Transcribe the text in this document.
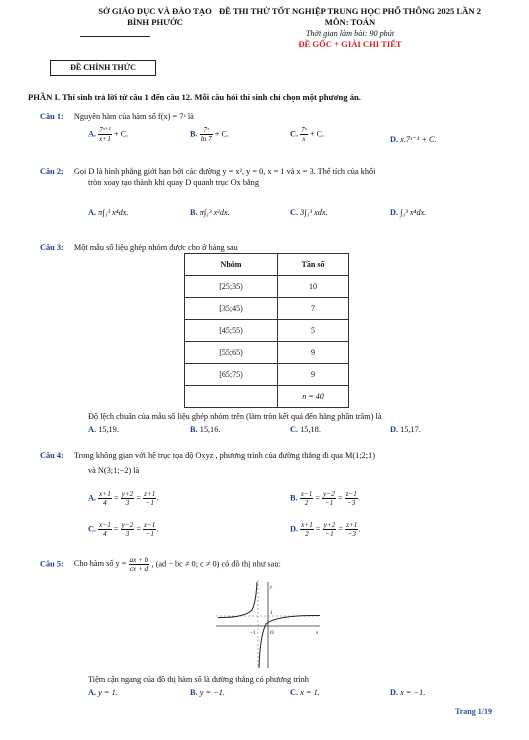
SỞ GIÁO DỤC VÀ ĐÀO TẠO
BÌNH PHƯỚC
ĐỀ THI THỬ TỐT NGHIỆP TRUNG HỌC PHỔ THÔNG 2025 LẦN 2
MÔN: TOÁN
Thời gian làm bài: 90 phút
ĐỀ GỐC + GIẢI CHI TIẾT
ĐỀ CHÍNH THỨC
PHẦN I. Thí sinh trả lời từ câu 1 đến câu 12. Mỗi câu hỏi thí sinh chỉ chọn một phương án.
Câu 1: Nguyên hàm của hàm số f(x) = 7ˣ là
A. $\frac{\text{7ˣ⁺¹}}{x+1} + C$.	B. $\frac{\text{7ˣ}}{\ln 7} + C$.	C. $\frac{\text{7ˣ}}{x} + C$.
D. x.7ˣ⁻¹ + C.
Câu 2: Gọi D là hình phẳng giới hạn bởi các đường y = x², y = 0, x = 1 và x = 3. Thể tích của khối
tròn xoay tạo thành khi quay D quanh trục Ox bằng
A. π∫₁³ x⁴dx.	B. π∫₁³ x²dx.	C. 3∫₁³ xdx.	D. ∫₁³ x⁴dx.
Câu 3: Một mẫu số liệu ghép nhóm được cho ở bảng sau
Nhóm	Tần số
[25;35)	10
[35;45)	7
[45;55)	5
[55;65)	9
[65;75)	9
	n = 40
Độ lệch chuẩn của mẫu số liệu ghép nhóm trên (làm tròn kết quả đến hàng phần trăm) là
A. 15,19.	B. 15,16.	C. 15,18.	D. 15,17.
Câu 4: Trong không gian với hệ trục tọa độ Oxyz , phương trình của đường thẳng đi qua M(1;2;1)
và N(3;1;−2) là
A. $\frac{x+1}{4} = \frac{y+2}{3} = \frac{z+1}{-1}$ .	B. $\frac{x-1}{2} = \frac{y-2}{-1} = \frac{z-1}{-3}$ .
C. $\frac{x-1}{4} = \frac{y-2}{3} = \frac{z-1}{-1}$ .	D. $\frac{x+1}{2} = \frac{y+2}{-1} = \frac{z+1}{-3}$ .
Câu 5: Cho hàm số $y = \frac{ax + b}{cx + d}$ , (ad − bc ≠ 0; c ≠ 0) có đồ thị như sau:
y
x
O
−1
1
Tiệm cận ngang của đồ thị hàm số là đường thẳng có phương trình
A. y = 1.	B. y = −1.	C. x = 1.	D. x = −1.
Trang 1/19
